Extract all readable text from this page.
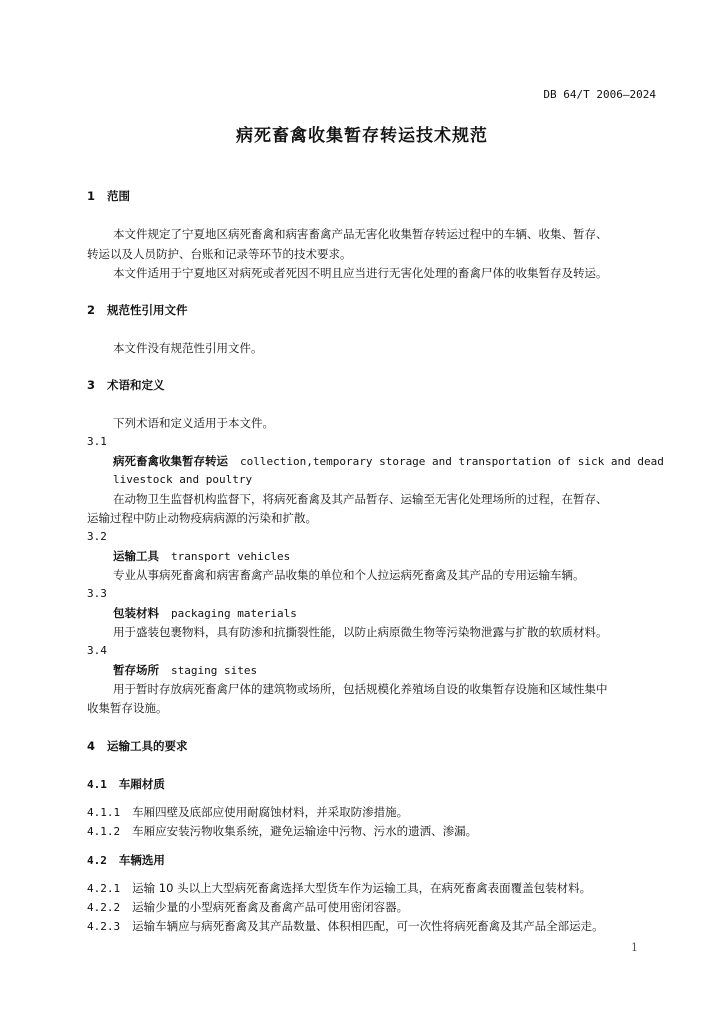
DB 64/T 2006—2024
病死畜禽收集暂存转运技术规范
1 范围
本文件规定了宁夏地区病死畜禽和病害畜禽产品无害化收集暂存转运过程中的车辆、收集、暂存、
转运以及人员防护、台账和记录等环节的技术要求。
本文件适用于宁夏地区对病死或者死因不明且应当进行无害化处理的畜禽尸体的收集暂存及转运。
2 规范性引用文件
本文件没有规范性引用文件。
3 术语和定义
下列术语和定义适用于本文件。
3.1
病死畜禽收集暂存转运 collection,temporary storage and transportation of sick and dead
livestock and poultry
在动物卫生监督机构监督下，将病死畜禽及其产品暂存、运输至无害化处理场所的过程，在暂存、
运输过程中防止动物疫病病源的污染和扩散。
3.2
运输工具 transport vehicles
专业从事病死畜禽和病害畜禽产品收集的单位和个人拉运病死畜禽及其产品的专用运输车辆。
3.3
包装材料 packaging materials
用于盛装包裹物料，具有防渗和抗撕裂性能，以防止病原微生物等污染物泄露与扩散的软质材料。
3.4
暂存场所 staging sites
用于暂时存放病死畜禽尸体的建筑物或场所，包括规模化养殖场自设的收集暂存设施和区域性集中
收集暂存设施。
4 运输工具的要求
4.1 车厢材质
4.1.1 车厢四壁及底部应使用耐腐蚀材料，并采取防渗措施。
4.1.2 车厢应安装污物收集系统，避免运输途中污物、污水的遗洒、渗漏。
4.2 车辆选用
4.2.1 运输 10 头以上大型病死畜禽选择大型货车作为运输工具，在病死畜禽表面覆盖包装材料。
4.2.2 运输少量的小型病死畜禽及畜禽产品可使用密闭容器。
4.2.3 运输车辆应与病死畜禽及其产品数量、体积相匹配，可一次性将病死畜禽及其产品全部运走。
1
